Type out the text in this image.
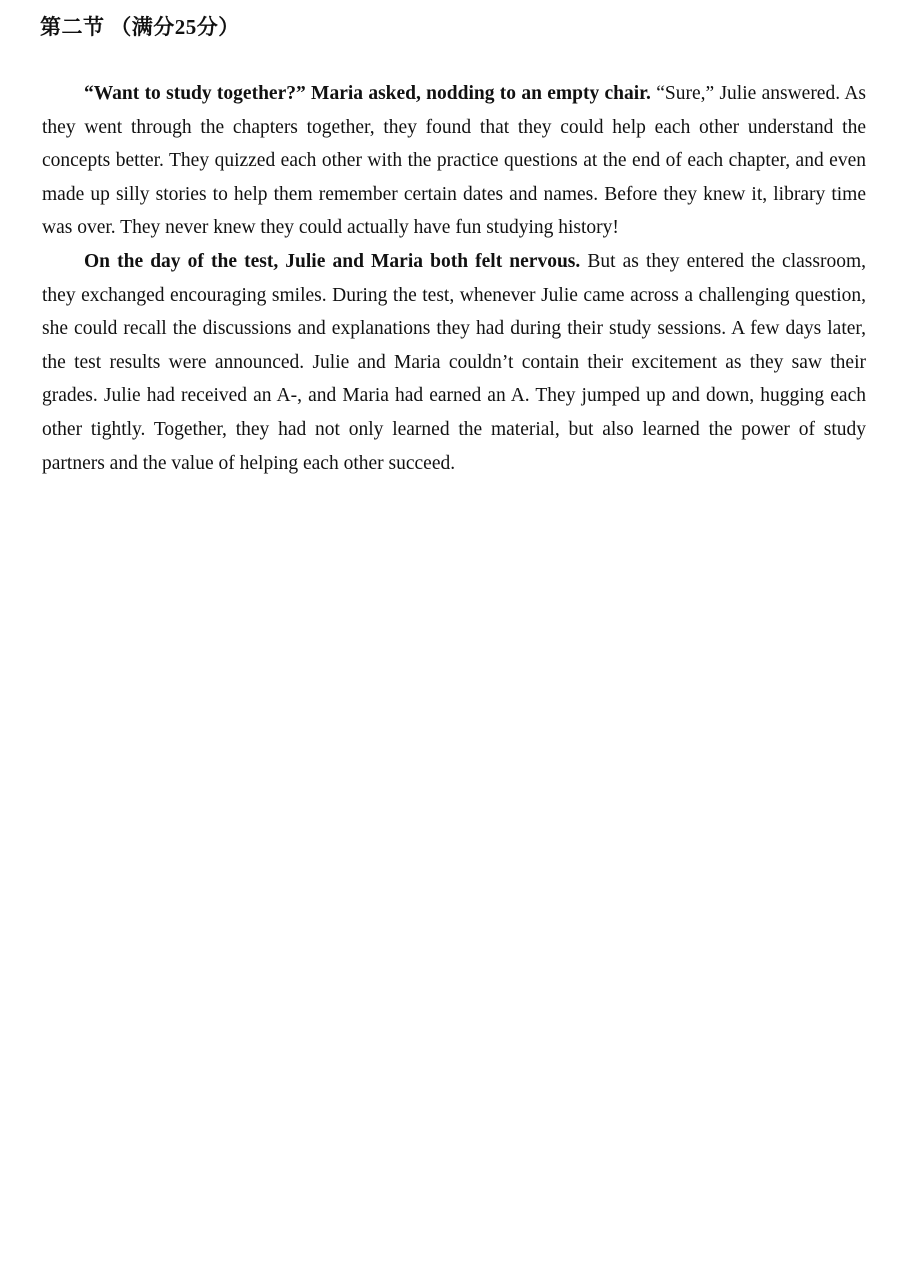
第二节 （满分25分）

“Want to study together?” Maria asked, nodding to an empty chair. “Sure,” Julie answered. As they went through the chapters together, they found that they could help each other understand the concepts better. They quizzed each other with the practice questions at the end of each chapter, and even made up silly stories to help them remember certain dates and names. Before they knew it, library time was over. They never knew they could actually have fun studying history!

On the day of the test, Julie and Maria both felt nervous. But as they entered the classroom, they exchanged encouraging smiles. During the test, whenever Julie came across a challenging question, she could recall the discussions and explanations they had during their study sessions. A few days later, the test results were announced. Julie and Maria couldn’t contain their excitement as they saw their grades. Julie had received an A-, and Maria had earned an A. They jumped up and down, hugging each other tightly. Together, they had not only learned the material, but also learned the power of study partners and the value of helping each other succeed.
